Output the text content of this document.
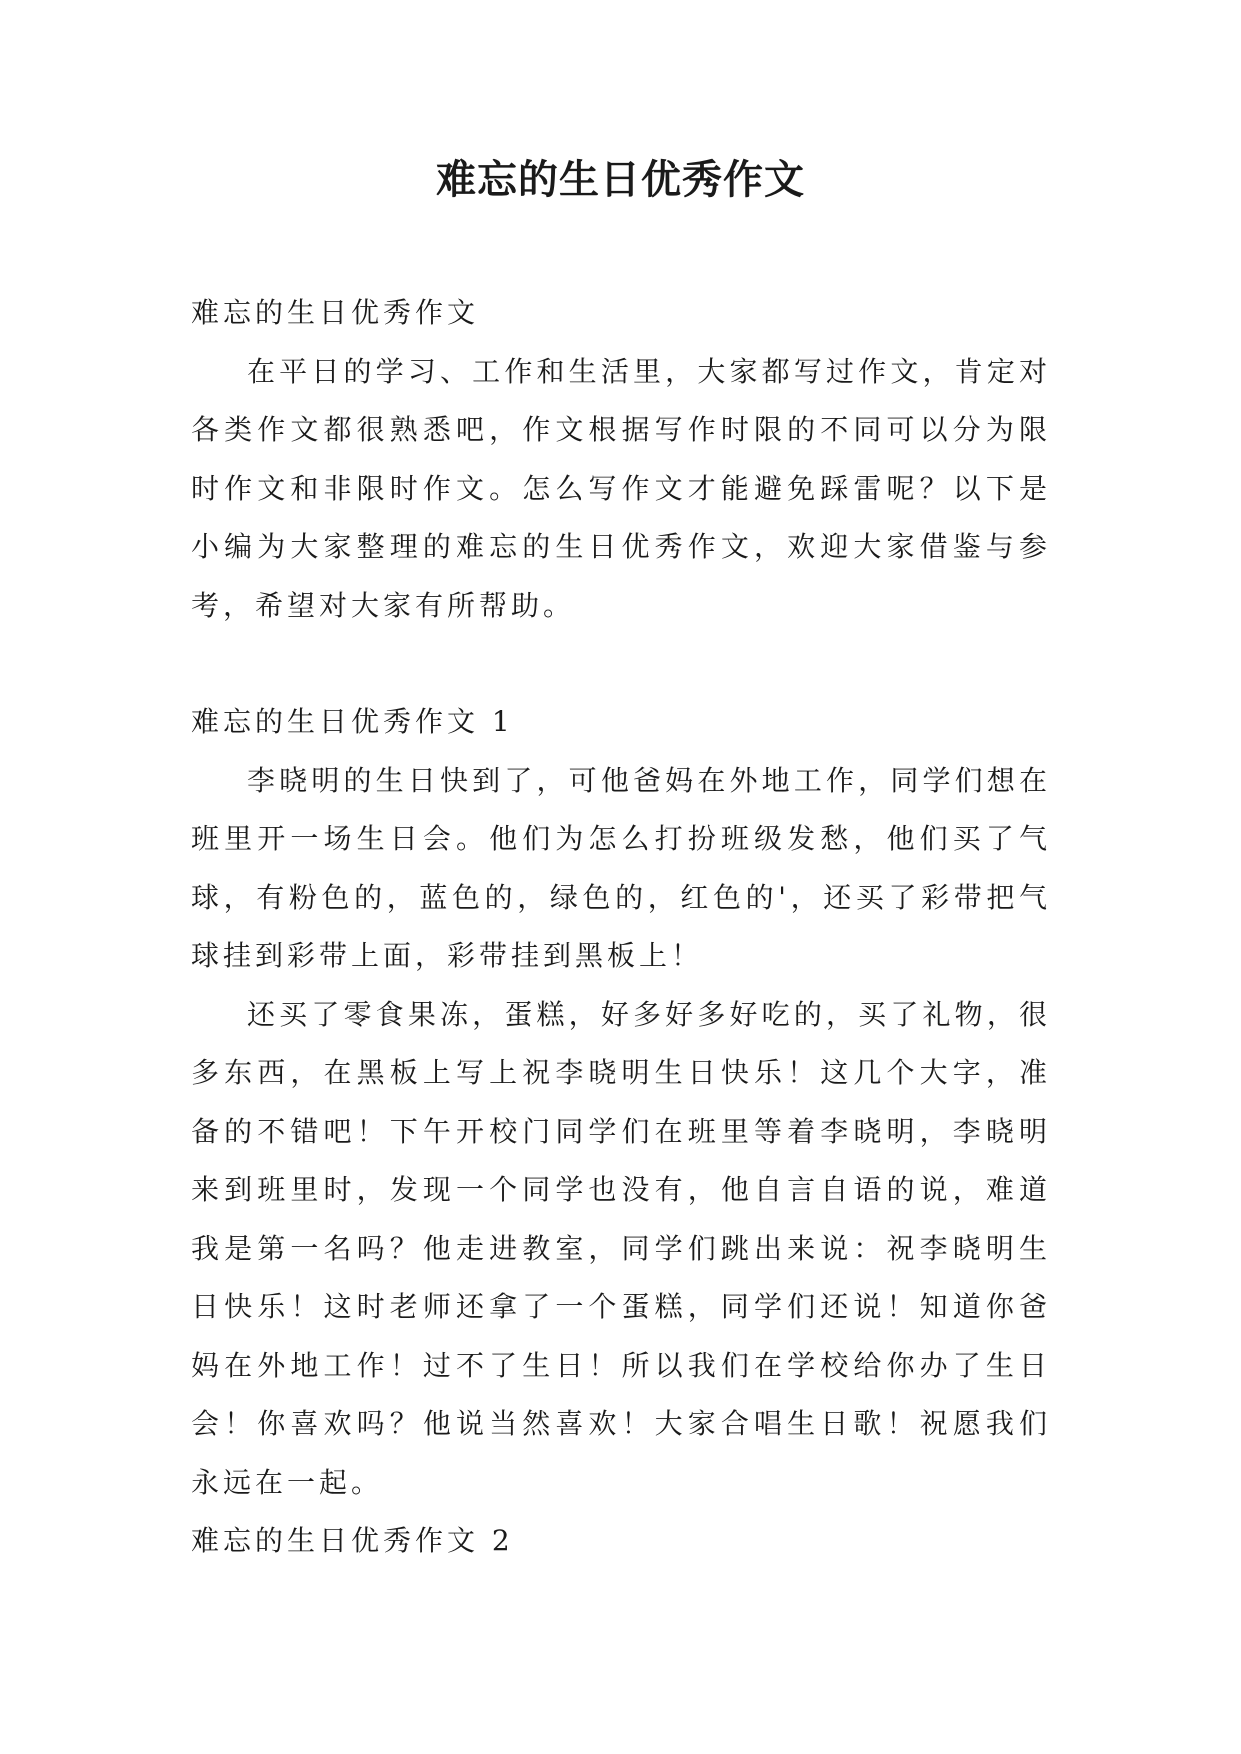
难忘的生日优秀作文

难忘的生日优秀作文

在平日的学习、工作和生活里，大家都写过作文，肯定对各类作文都很熟悉吧，作文根据写作时限的不同可以分为限时作文和非限时作文。怎么写作文才能避免踩雷呢？以下是小编为大家整理的难忘的生日优秀作文，欢迎大家借鉴与参考，希望对大家有所帮助。

难忘的生日优秀作文 1

李晓明的生日快到了，可他爸妈在外地工作，同学们想在班里开一场生日会。他们为怎么打扮班级发愁，他们买了气球，有粉色的，蓝色的，绿色的，红色的'，还买了彩带把气球挂到彩带上面，彩带挂到黑板上！

还买了零食果冻，蛋糕，好多好多好吃的，买了礼物，很多东西，在黑板上写上祝李晓明生日快乐！这几个大字，准备的不错吧！下午开校门同学们在班里等着李晓明，李晓明来到班里时，发现一个同学也没有，他自言自语的说，难道我是第一名吗？他走进教室，同学们跳出来说：祝李晓明生日快乐！这时老师还拿了一个蛋糕，同学们还说！知道你爸妈在外地工作！过不了生日！所以我们在学校给你办了生日会！你喜欢吗？他说当然喜欢！大家合唱生日歌！祝愿我们永远在一起。

难忘的生日优秀作文 2
